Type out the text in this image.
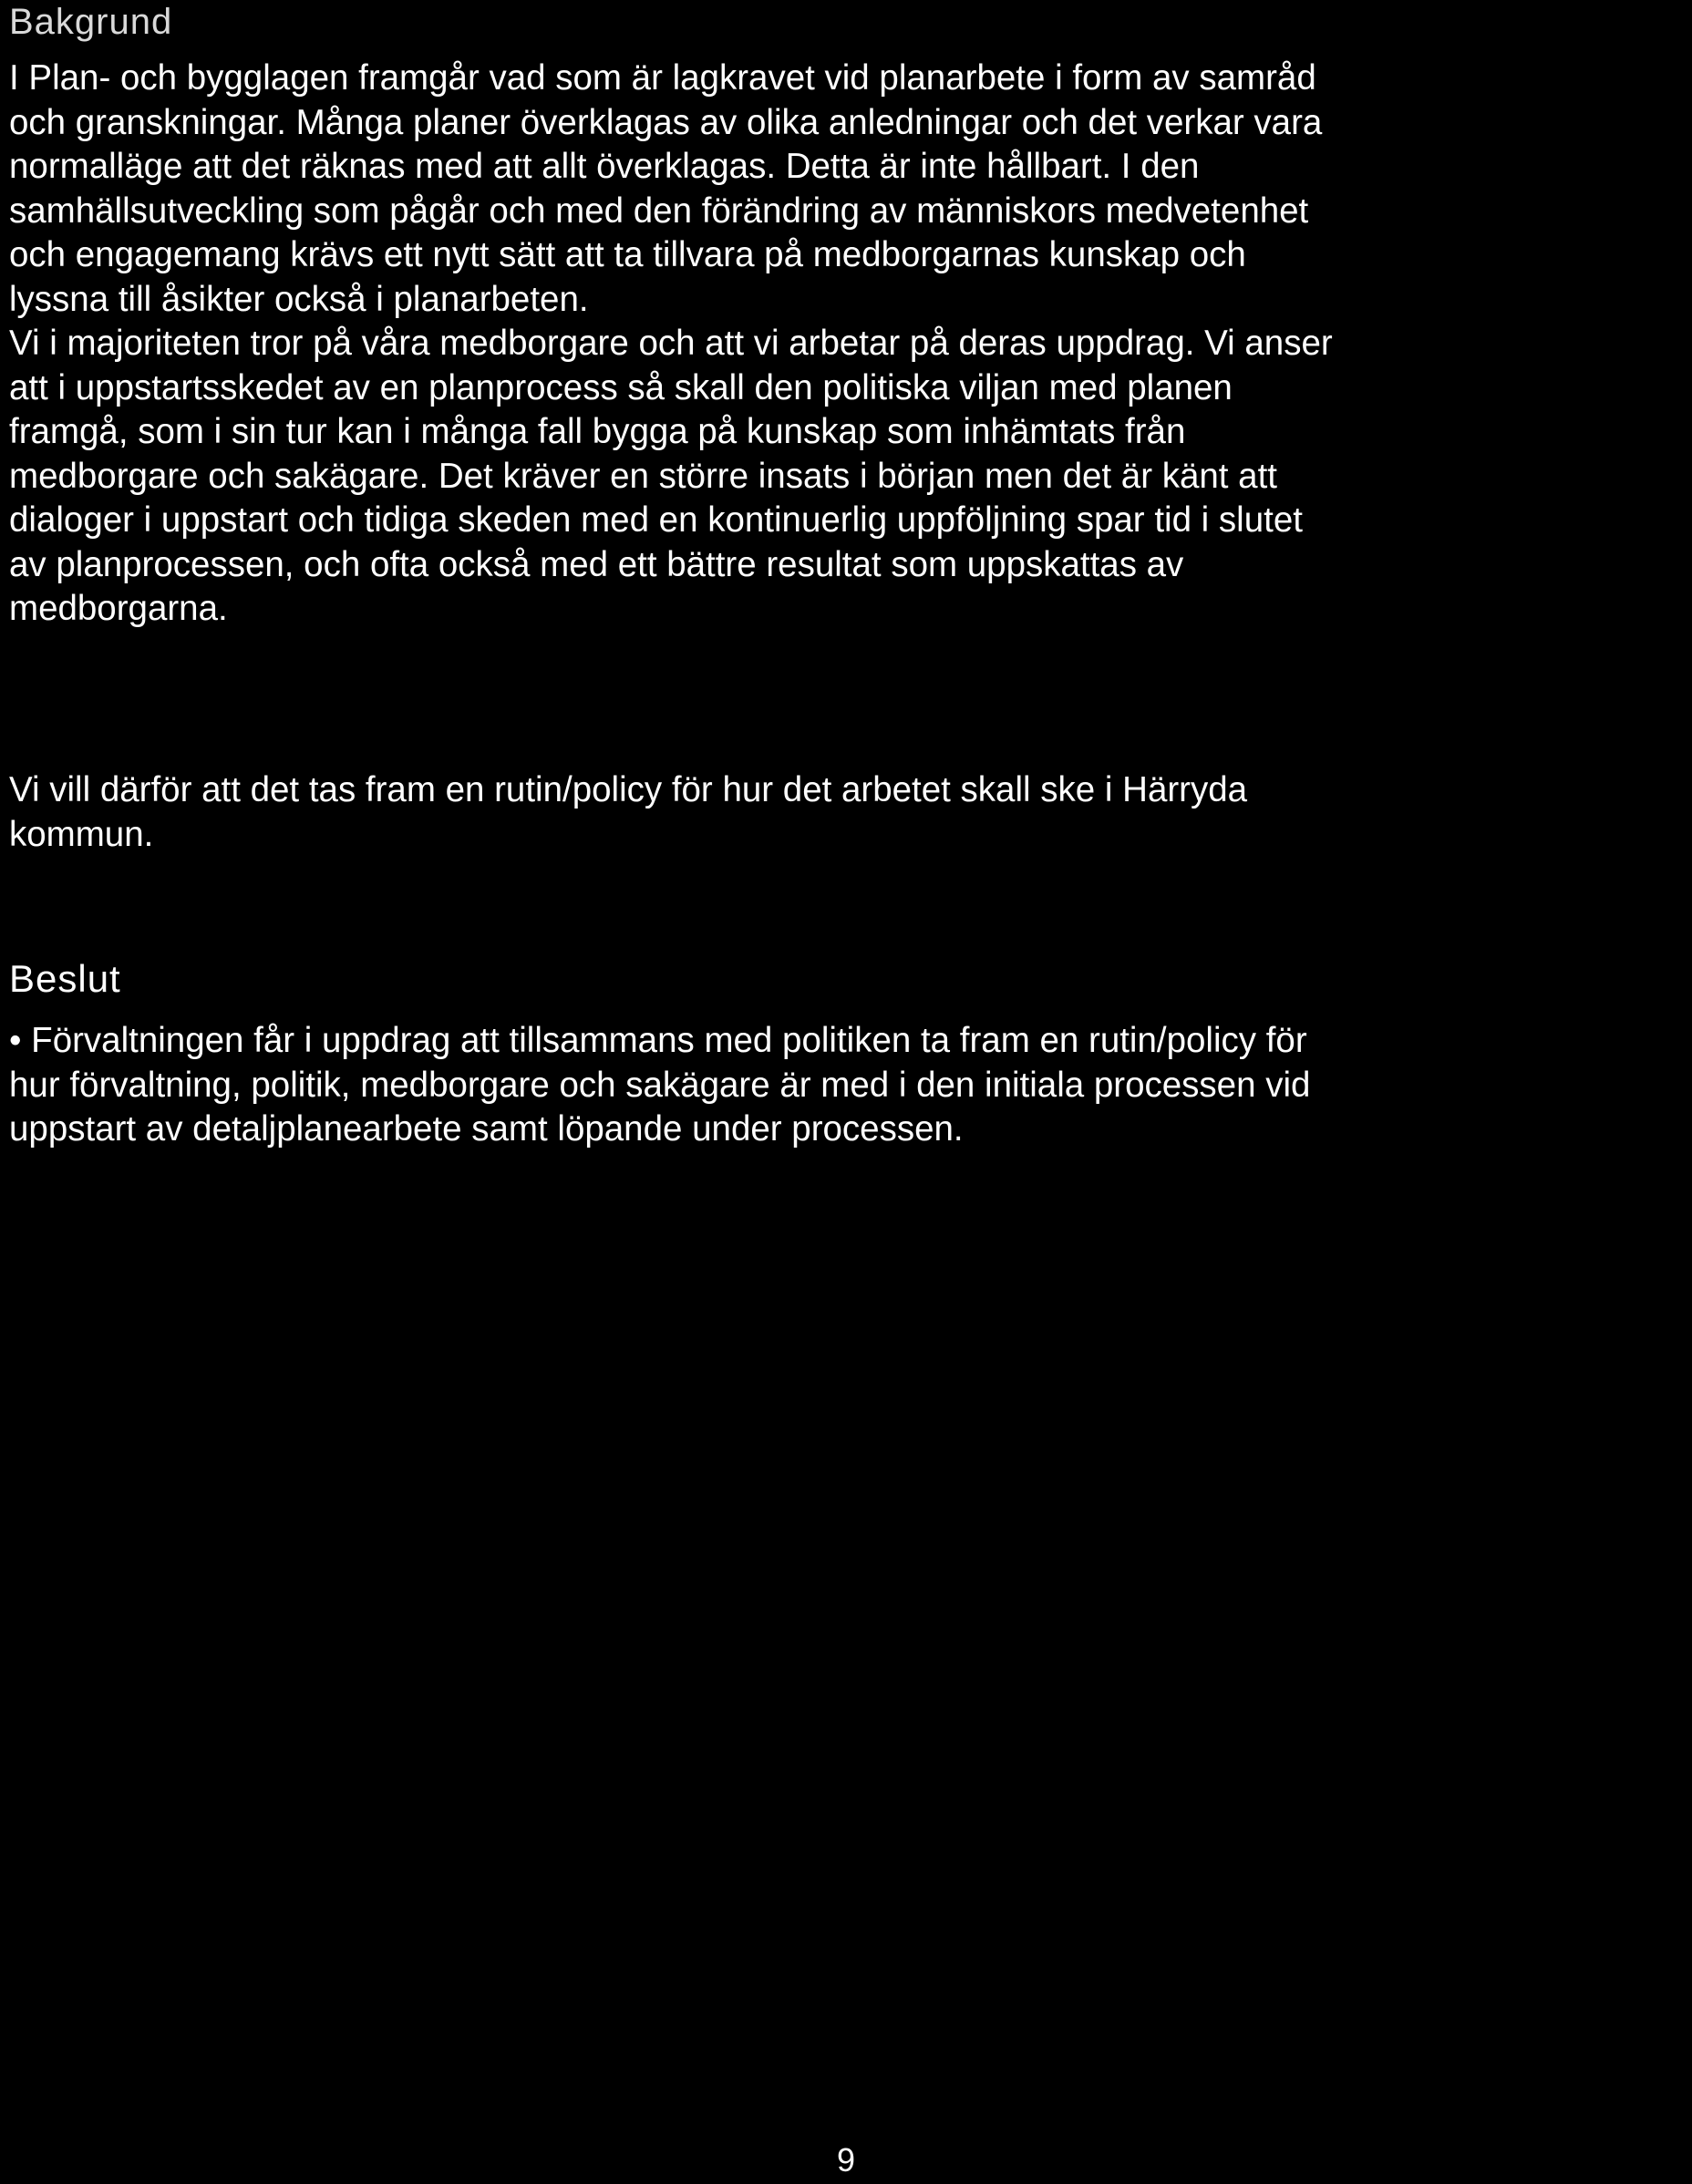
Bakgrund
I Plan- och bygglagen framgår vad som är lagkravet vid planarbete i form av samråd
och granskningar. Många planer överklagas av olika anledningar och det verkar vara
normalläge att det räknas med att allt överklagas. Detta är inte hållbart. I den
samhällsutveckling som pågår och med den förändring av människors medvetenhet
och engagemang krävs ett nytt sätt att ta tillvara på medborgarnas kunskap och
lyssna till åsikter också i planarbeten.
Vi i majoriteten tror på våra medborgare och att vi arbetar på deras uppdrag. Vi anser
att i uppstartsskedet av en planprocess så skall den politiska viljan med planen
framgå, som i sin tur kan i många fall bygga på kunskap som inhämtats från
medborgare och sakägare. Det kräver en större insats i början men det är känt att
dialoger i uppstart och tidiga skeden med en kontinuerlig uppföljning spar tid i slutet
av planprocessen, och ofta också med ett bättre resultat som uppskattas av
medborgarna.
Vi vill därför att det tas fram en rutin/policy för hur det arbetet skall ske i Härryda
kommun.
Beslut
• Förvaltningen får i uppdrag att tillsammans med politiken ta fram en rutin/policy för
hur förvaltning, politik, medborgare och sakägare är med i den initiala processen vid
uppstart av detaljplanearbete samt löpande under processen.
9
